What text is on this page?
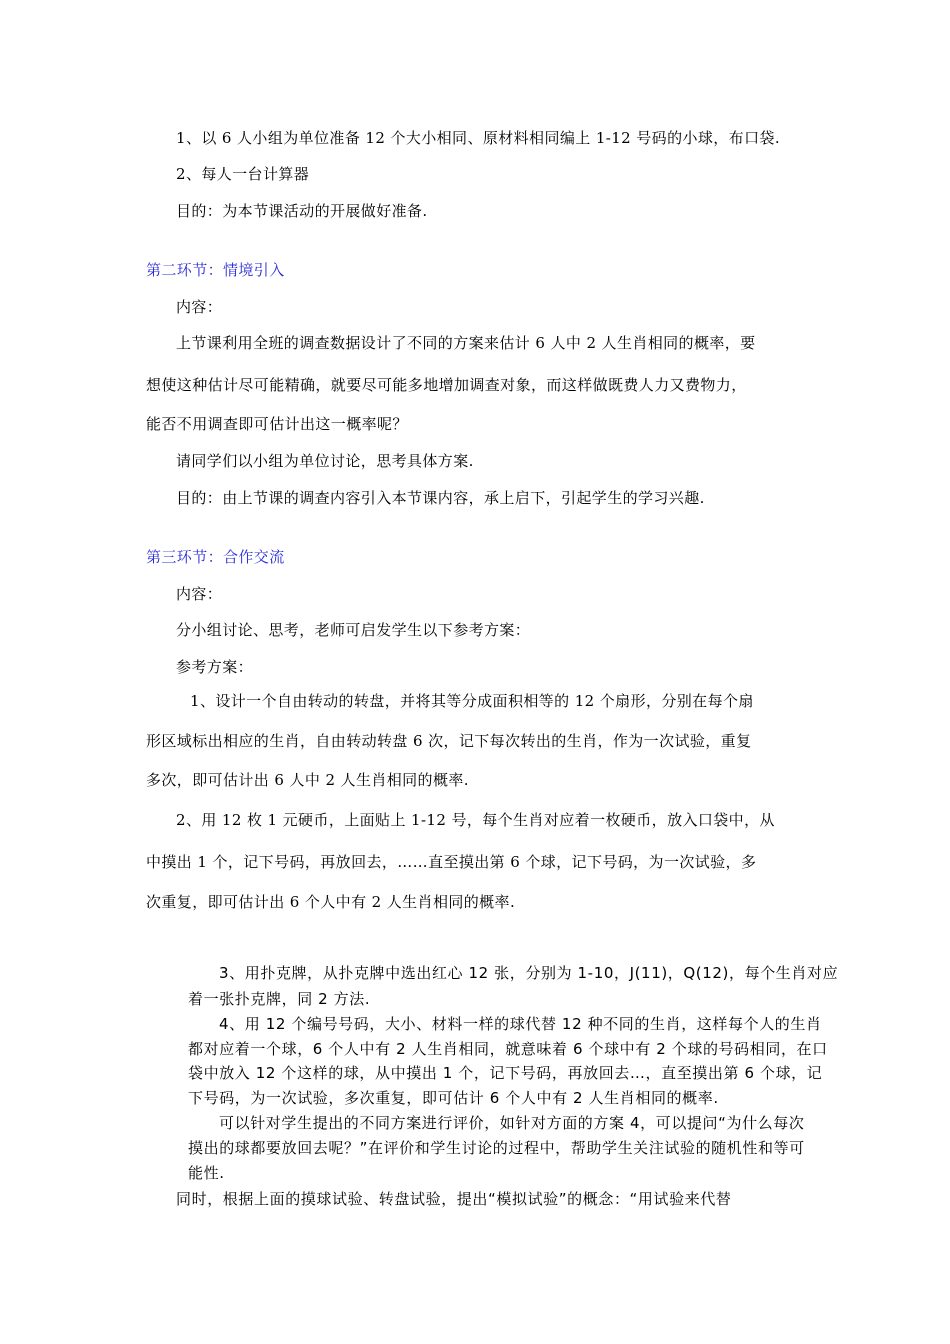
1、以 6 人小组为单位准备 12 个大小相同、原材料相同编上 1-12 号码的小球，布口袋.
2、每人一台计算器
目的：为本节课活动的开展做好准备.
第二环节：情境引入
内容：
上节课利用全班的调查数据设计了不同的方案来估计 6 人中 2 人生肖相同的概率，要
想使这种估计尽可能精确，就要尽可能多地增加调查对象，而这样做既费人力又费物力，
能否不用调查即可估计出这一概率呢？
请同学们以小组为单位讨论，思考具体方案.
目的：由上节课的调查内容引入本节课内容，承上启下，引起学生的学习兴趣.
第三环节：合作交流
内容：
分小组讨论、思考，老师可启发学生以下参考方案：
参考方案：
1、设计一个自由转动的转盘，并将其等分成面积相等的 12 个扇形，分别在每个扇
形区域标出相应的生肖，自由转动转盘 6 次，记下每次转出的生肖，作为一次试验，重复
多次，即可估计出 6 人中 2 人生肖相同的概率.
2、用 12 枚 1 元硬币，上面贴上 1-12 号，每个生肖对应着一枚硬币，放入口袋中，从
中摸出 1 个，记下号码，再放回去，……直至摸出第 6 个球，记下号码，为一次试验，多
次重复，即可估计出 6 个人中有 2 人生肖相同的概率.
3、用扑克牌，从扑克牌中选出红心 12 张，分别为 1-10，J(11)，Q(12)，每个生肖对应
着一张扑克牌，同 2 方法.
4、用 12 个编号号码，大小、材料一样的球代替 12 种不同的生肖，这样每个人的生肖
都对应着一个球，6 个人中有 2 人生肖相同，就意味着 6 个球中有 2 个球的号码相同，在口
袋中放入 12 个这样的球，从中摸出 1 个，记下号码，再放回去…，直至摸出第 6 个球，记
下号码，为一次试验，多次重复，即可估计 6 个人中有 2 人生肖相同的概率.
可以针对学生提出的不同方案进行评价，如针对方面的方案 4，可以提问“为什么每次
摸出的球都要放回去呢？”在评价和学生讨论的过程中，帮助学生关注试验的随机性和等可
能性.
同时，根据上面的摸球试验、转盘试验，提出“模拟试验”的概念：“用试验来代替
